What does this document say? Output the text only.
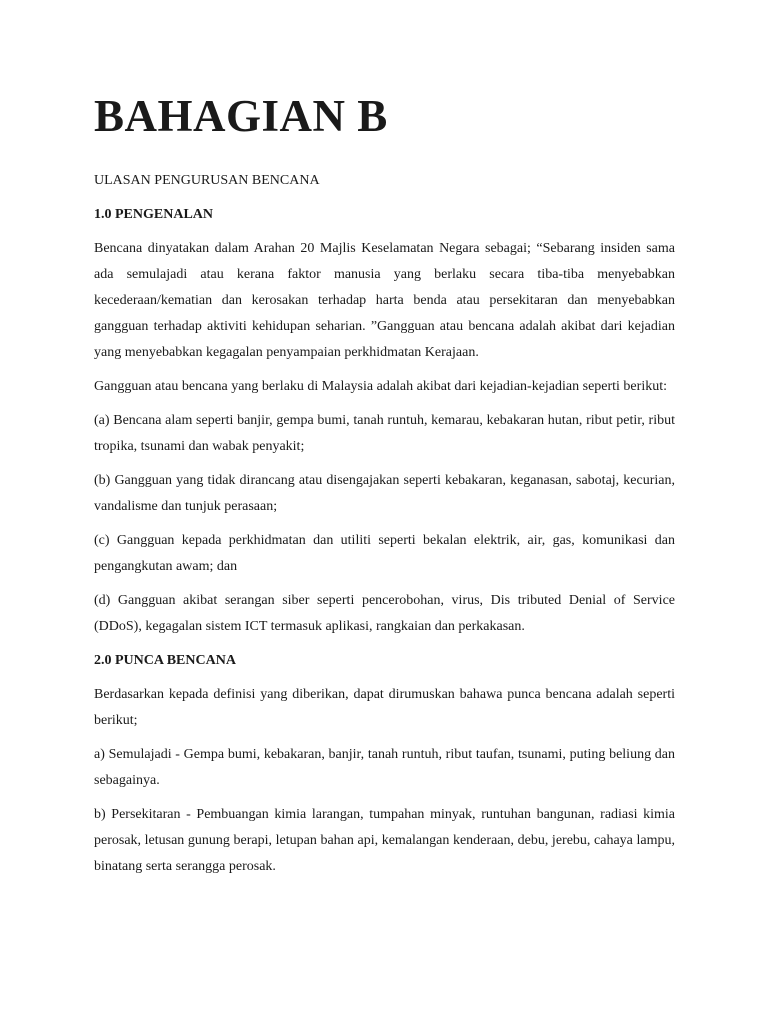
BAHAGIAN B

ULASAN PENGURUSAN BENCANA

1.0 PENGENALAN

Bencana dinyatakan dalam Arahan 20 Majlis Keselamatan Negara sebagai; “Sebarang insiden sama ada semulajadi atau kerana faktor manusia yang berlaku secara tiba-tiba menyebabkan kecederaan/kematian dan kerosakan terhadap harta benda atau persekitaran dan menyebabkan gangguan terhadap aktiviti kehidupan seharian. ”Gangguan atau bencana adalah akibat dari kejadian yang menyebabkan kegagalan penyampaian perkhidmatan Kerajaan.

Gangguan atau bencana yang berlaku di Malaysia adalah akibat dari kejadian-kejadian seperti berikut:

(a) Bencana alam seperti banjir, gempa bumi, tanah runtuh, kemarau, kebakaran hutan, ribut petir, ribut tropika, tsunami dan wabak penyakit;

(b) Gangguan yang tidak dirancang atau disengajakan seperti kebakaran, keganasan, sabotaj, kecurian, vandalisme dan tunjuk perasaan;

(c) Gangguan kepada perkhidmatan dan utiliti seperti bekalan elektrik, air, gas, komunikasi dan pengangkutan awam; dan

(d) Gangguan akibat serangan siber seperti pencerobohan, virus, Dis tributed Denial of Service (DDoS), kegagalan sistem ICT termasuk aplikasi, rangkaian dan perkakasan.

2.0 PUNCA BENCANA

Berdasarkan kepada definisi yang diberikan, dapat dirumuskan bahawa punca bencana adalah seperti berikut;

a) Semulajadi - Gempa bumi, kebakaran, banjir, tanah runtuh, ribut taufan, tsunami, puting beliung dan sebagainya.

b) Persekitaran - Pembuangan kimia larangan, tumpahan minyak, runtuhan bangunan, radiasi kimia perosak, letusan gunung berapi, letupan bahan api, kemalangan kenderaan, debu, jerebu, cahaya lampu, binatang serta serangga perosak.
